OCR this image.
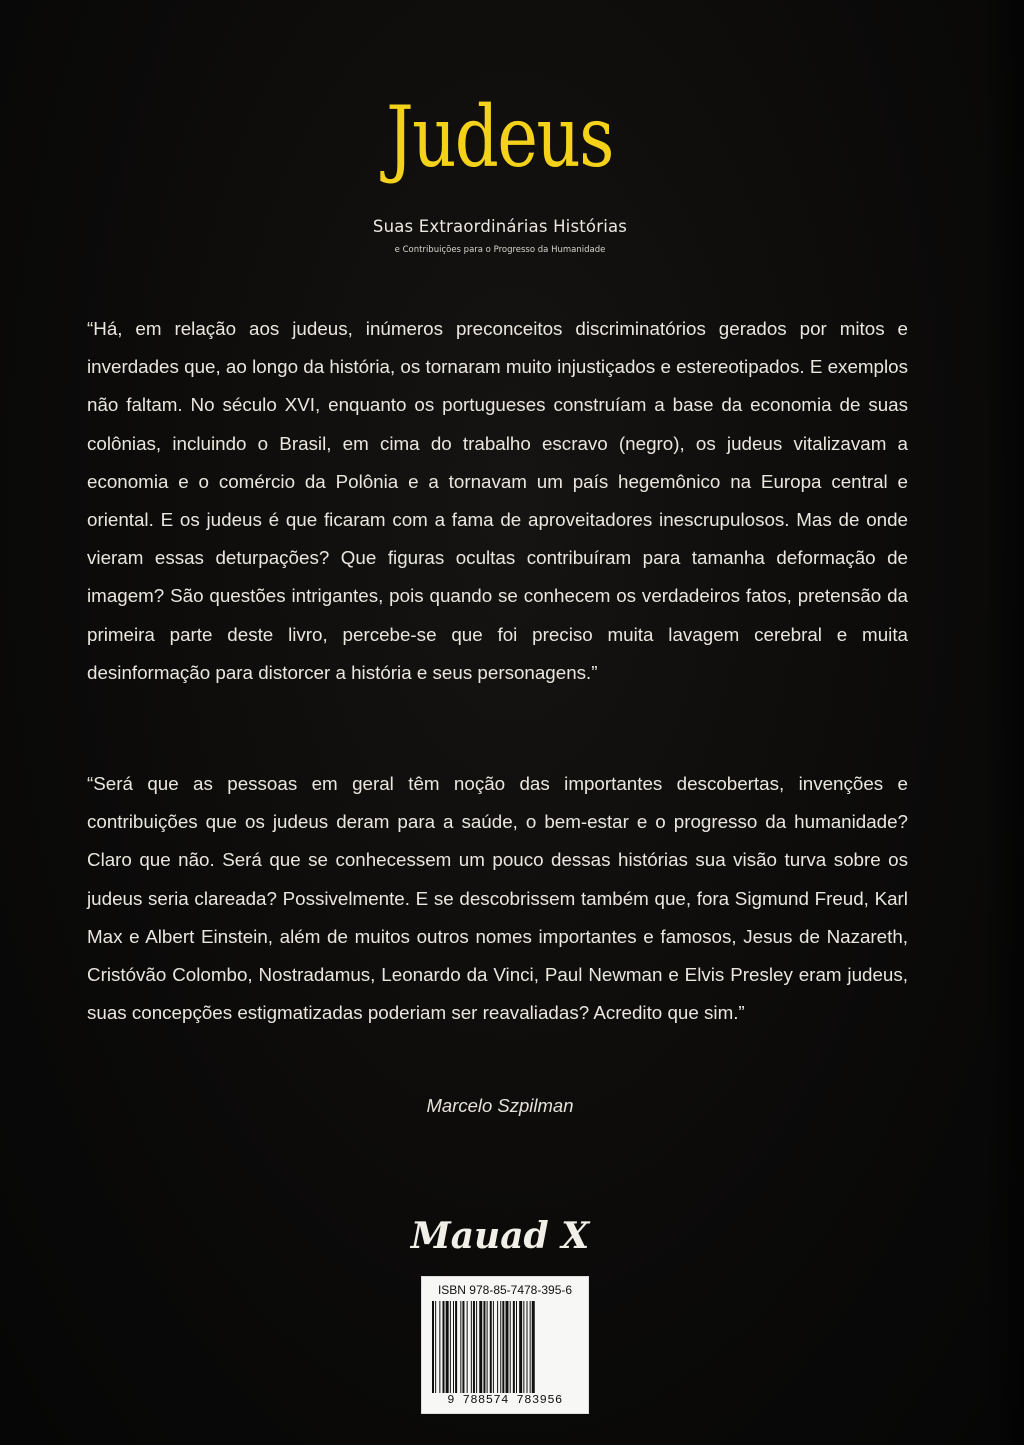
Judeus
Suas Extraordinárias Histórias
e Contribuições para o Progresso da Humanidade
“Há, em relação aos judeus, inúmeros preconceitos discriminatórios gerados por mitos e inverdades que, ao longo da história, os tornaram muito injustiçados e estereotipados. E exemplos não faltam. No século XVI, enquanto os portugueses construíam a base da economia de suas colônias, incluindo o Brasil, em cima do trabalho escravo (negro), os judeus vitalizavam a economia e o comércio da Polônia e a tornavam um país hegemônico na Europa central e oriental. E os judeus é que ficaram com a fama de aproveitadores inescrupulosos. Mas de onde vieram essas deturpações? Que figuras ocultas contribuíram para tamanha deformação de imagem? São questões intrigantes, pois quando se conhecem os verdadeiros fatos, pretensão da primeira parte deste livro, percebe-se que foi preciso muita lavagem cerebral e muita desinformação para distorcer a história e seus personagens.”
“Será que as pessoas em geral têm noção das importantes descobertas, invenções e contribuições que os judeus deram para a saúde, o bem-estar e o progresso da humanidade? Claro que não. Será que se conhecessem um pouco dessas histórias sua visão turva sobre os judeus seria clareada? Possivelmente. E se descobrissem também que, fora Sigmund Freud, Karl Max e Albert Einstein, além de muitos outros nomes importantes e famosos, Jesus de Nazareth, Cristóvão Colombo, Nostradamus, Leonardo da Vinci, Paul Newman e Elvis Presley eram judeus, suas concepções estigmatizadas poderiam ser reavaliadas? Acredito que sim.”
Marcelo Szpilman
Mauad X
ISBN 978-85-7478-395-6
9 788574 783956
